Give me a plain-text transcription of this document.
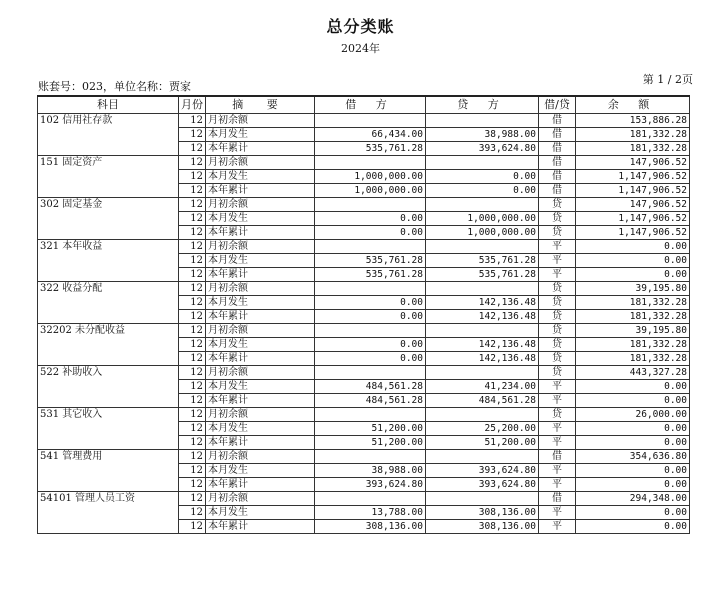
总分类账
2024年
账套号：023，单位名称：贾家
第 1 / 2页
科目	月份	摘 要	借 方	贷 方	借/贷	余 额
102 信用社存款	12	月初余额			借	153,886.28
	12	本月发生	66,434.00	38,988.00	借	181,332.28
	12	本年累计	535,761.28	393,624.80	借	181,332.28
151 固定资产	12	月初余额			借	147,906.52
	12	本月发生	1,000,000.00	0.00	借	1,147,906.52
	12	本年累计	1,000,000.00	0.00	借	1,147,906.52
302 固定基金	12	月初余额			贷	147,906.52
	12	本月发生	0.00	1,000,000.00	贷	1,147,906.52
	12	本年累计	0.00	1,000,000.00	贷	1,147,906.52
321 本年收益	12	月初余额			平	0.00
	12	本月发生	535,761.28	535,761.28	平	0.00
	12	本年累计	535,761.28	535,761.28	平	0.00
322 收益分配	12	月初余额			贷	39,195.80
	12	本月发生	0.00	142,136.48	贷	181,332.28
	12	本年累计	0.00	142,136.48	贷	181,332.28
32202 未分配收益	12	月初余额			贷	39,195.80
	12	本月发生	0.00	142,136.48	贷	181,332.28
	12	本年累计	0.00	142,136.48	贷	181,332.28
522 补助收入	12	月初余额			贷	443,327.28
	12	本月发生	484,561.28	41,234.00	平	0.00
	12	本年累计	484,561.28	484,561.28	平	0.00
531 其它收入	12	月初余额			贷	26,000.00
	12	本月发生	51,200.00	25,200.00	平	0.00
	12	本年累计	51,200.00	51,200.00	平	0.00
541 管理费用	12	月初余额			借	354,636.80
	12	本月发生	38,988.00	393,624.80	平	0.00
	12	本年累计	393,624.80	393,624.80	平	0.00
54101 管理人员工资	12	月初余额			借	294,348.00
	12	本月发生	13,788.00	308,136.00	平	0.00
	12	本年累计	308,136.00	308,136.00	平	0.00
